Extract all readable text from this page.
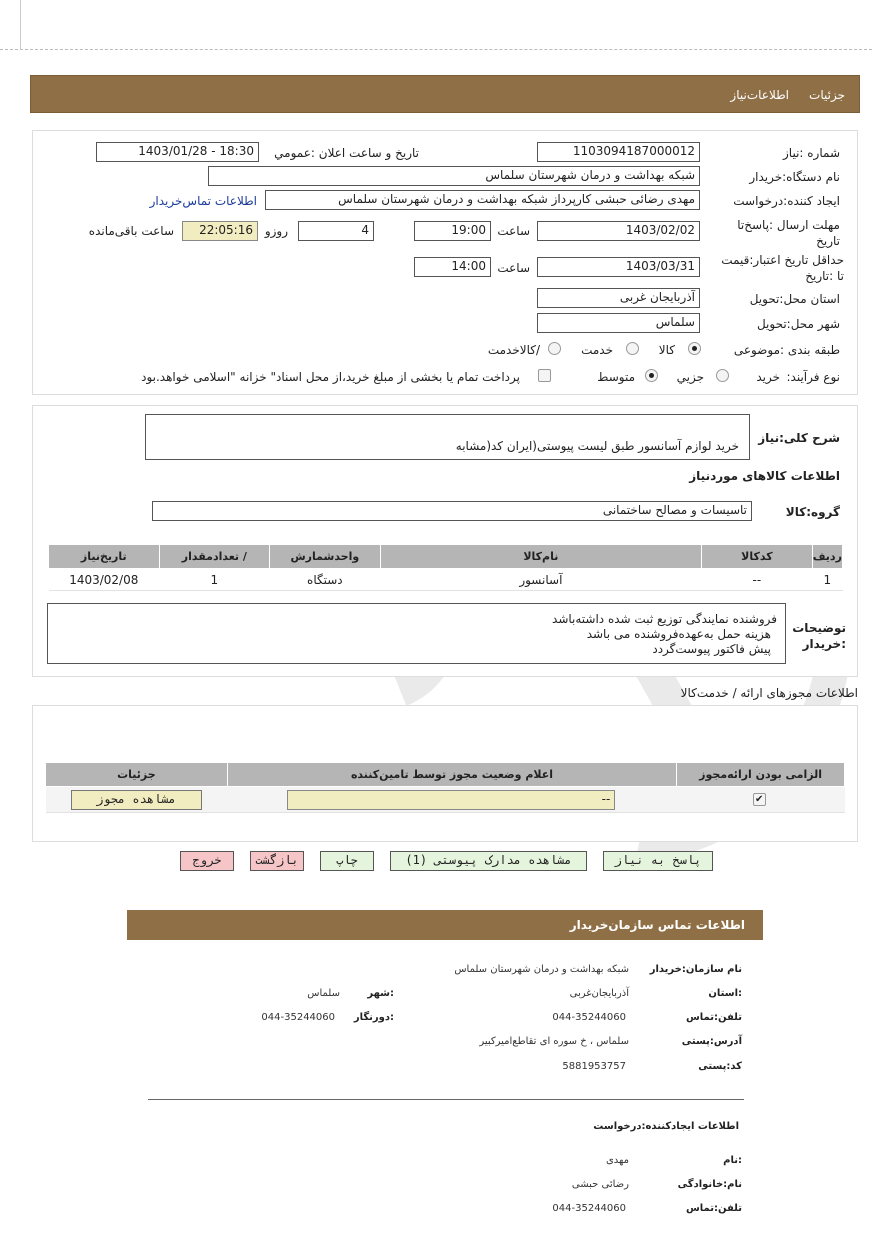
جزئیات
اطلاعات‌نیاز
شماره :نیاز
1103094187000012
تاریخ و ساعت اعلان :عمومي
1403/01/28 - 18:30
نام دستگاه:خریدار
شبکه بهداشت و درمان شهرستان سلماس
ایجاد کننده:درخواست
مهدی رضائی حبشی کارپرداز شبکه بهداشت و درمان شهرستان سلماس
اطلاعات تماس‌خریدار
مهلت ارسال :پاسخ‌تا تاریخ
1403/02/02
ساعت
19:00
4
روزو
22:05:16
ساعت باقی‌مانده
حداقل تاریخ اعتبار:قیمت تا :تاریخ
1403/03/31
ساعت
14:00
استان محل:تحویل
آذربایجان غربی
شهر محل:تحویل
سلماس
طبقه بندی :موضوعی
کالا
خدمت
/کالاخدمت
نوع فرآیند:
خرید
جزیي
متوسط
پرداخت تمام یا بخشی از مبلغ خرید،از محل اسناد" خزانه "اسلامی خواهد.بود
شرح کلی:نیاز
خرید لوازم آسانسور طبق لیست پیوستی(ایران کد(مشابه
اطلاعات کالاهای موردنیاز
گروه:کالا
تاسیسات و مصالح ساختمانی
ردیف	کدکالا	نام‌کالا	واحدشمارش	/ تعدادمقدار	تاریخ‌نیاز
1	--	آسانسور	دستگاه	1	1403/02/08
توضیحات :خریدار
فروشنده نمایندگی توزیع ثبت شده داشته‌باشد
هزینه حمل به‌عهده‌فروشنده می باشد
پیش فاکتور پیوست‌گردد
اطلاعات مجوزهای ارائه / خدمت‌کالا
الزامی بودن ارائه‌مجوز	اعلام وضعیت مجوز توسط تامین‌کننده	جزئیات

✔	--	مشاهده مجوز
پاسخ به نیاز
مشاهده مدارک پیوستی (1)
چاپ
بازگشت
خروج
اطلاعات تماس سازمان‌خریدار
نام سازمان:خریدار
شبکه بهداشت و درمان شهرستان سلماس
:استان
آذربایجان‌غربی
:شهر
سلماس
تلفن:تماس
044-35244060
:دورنگار
044-35244060
آدرس:پستی
سلماس ، خ سوره ای تقاطع‌امیرکبیر
کد:پستی
5881953757
اطلاعات ایجادکننده:درخواست
:نام
مهدی
نام:خانوادگی
رضائی حبشی
تلفن:تماس
044-35244060
